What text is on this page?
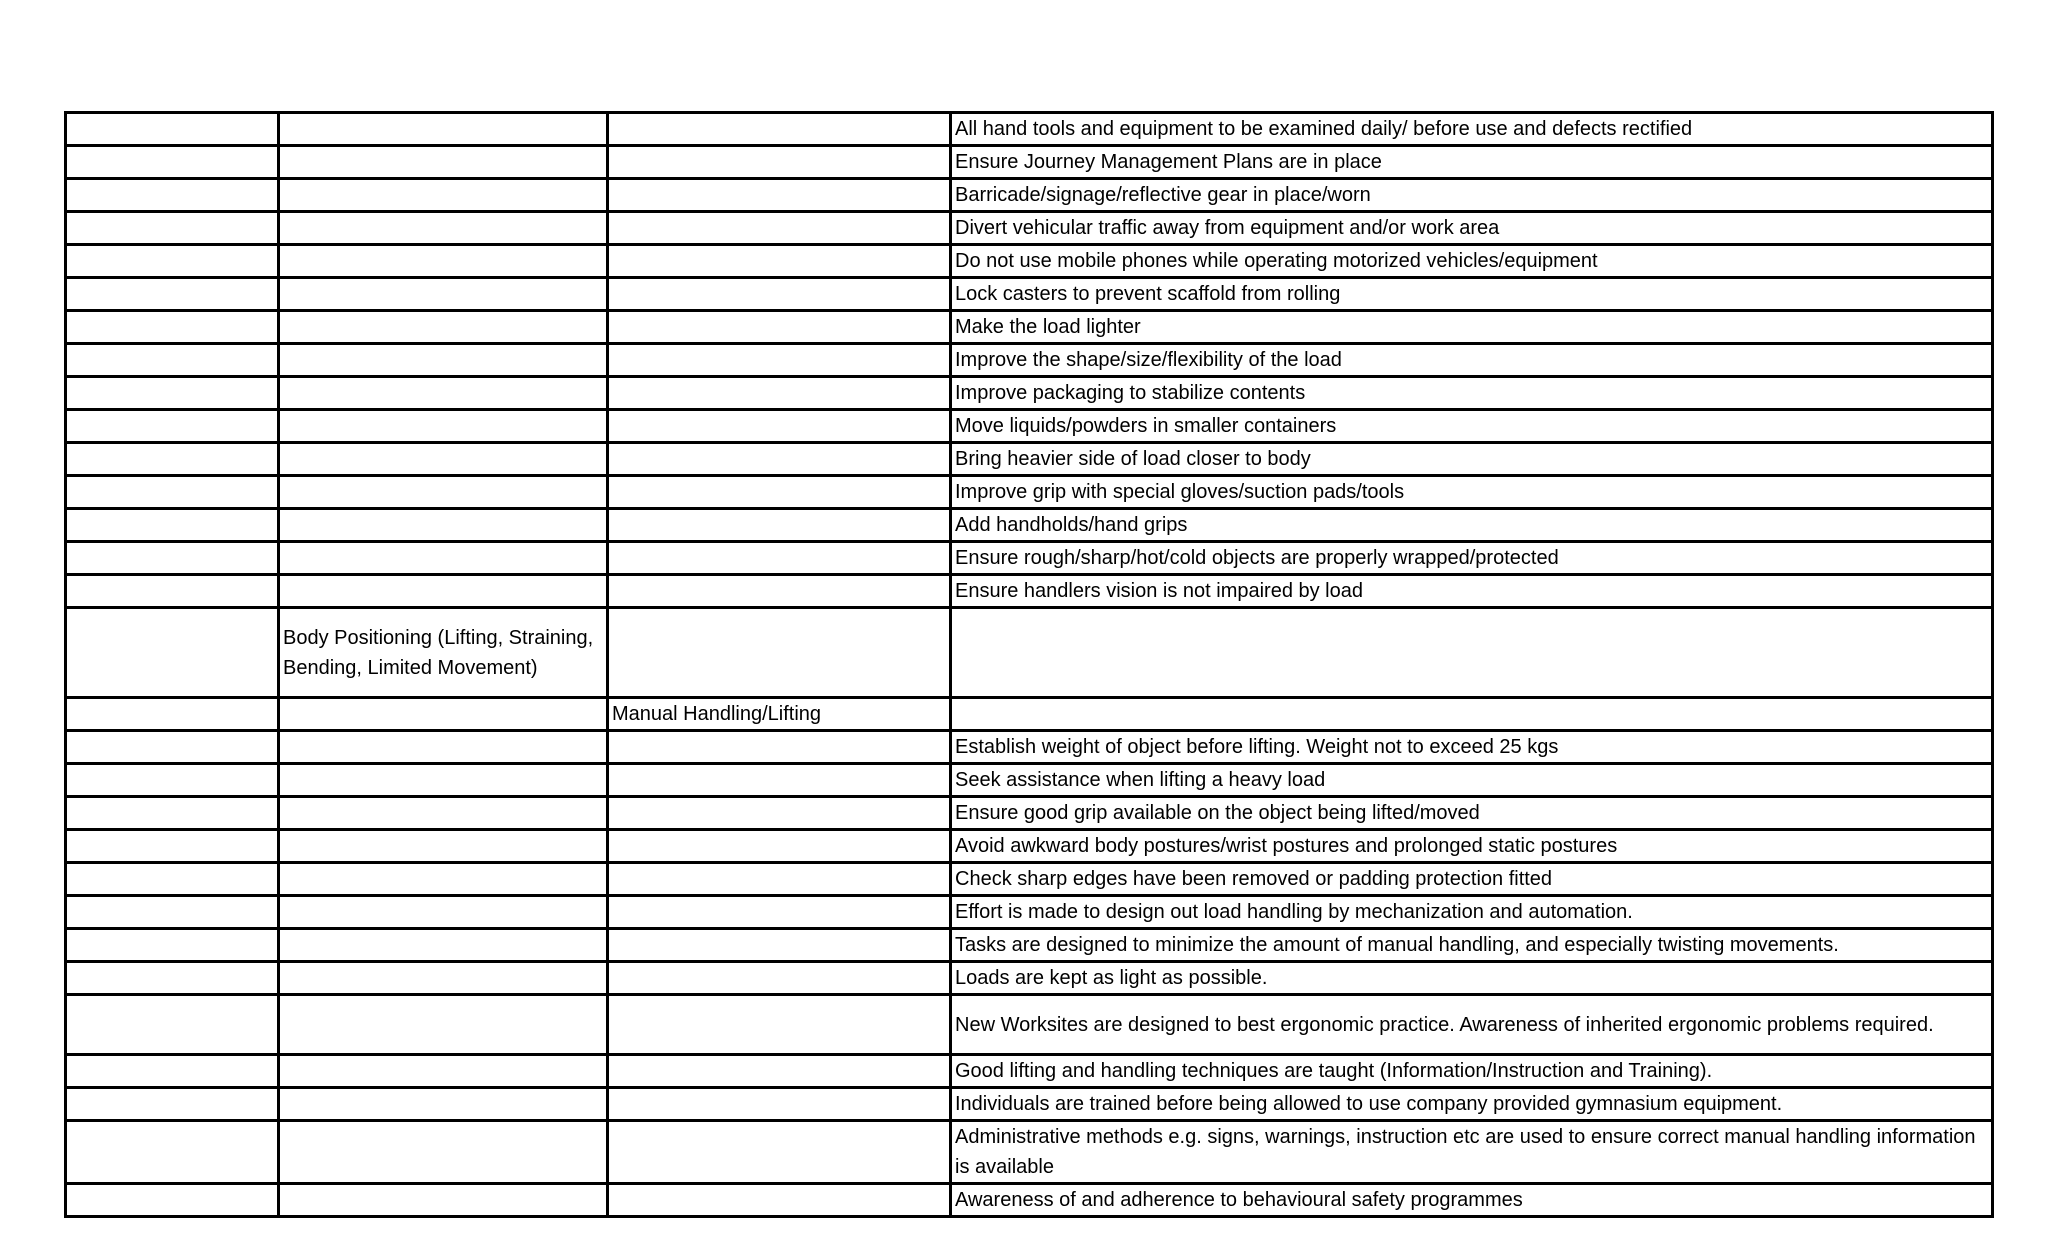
			All hand tools and equipment to be examined daily/ before use and defects rectified
			Ensure Journey Management Plans are in place
			Barricade/signage/reflective gear in place/worn
			Divert vehicular traffic away from equipment and/or work area
			Do not use mobile phones while operating motorized vehicles/equipment
			Lock casters to prevent scaffold from rolling
			Make the load lighter
			Improve the shape/size/flexibility of the load
			Improve packaging to stabilize contents
			Move liquids/powders in smaller containers
			Bring heavier side of load closer to body
			Improve grip with special gloves/suction pads/tools
			Add handholds/hand grips
			Ensure rough/sharp/hot/cold objects are properly wrapped/protected
			Ensure handlers vision is not impaired by load
	Body Positioning (Lifting, Straining, Bending, Limited Movement)		
		Manual Handling/Lifting	
			Establish weight of object before lifting. Weight not to exceed 25 kgs
			Seek assistance when lifting a heavy load
			Ensure good grip available on the object being lifted/moved
			Avoid awkward body postures/wrist postures and prolonged static postures
			Check sharp edges have been removed or padding protection fitted
			Effort is made to design out load handling by mechanization and automation.
			Tasks are designed to minimize the amount of manual handling, and especially twisting movements.
			Loads are kept as light as possible.
			New Worksites are designed to best ergonomic practice. Awareness of inherited ergonomic problems required.
			Good lifting and handling techniques are taught (Information/Instruction and Training).
			Individuals are trained before being allowed to use company provided gymnasium equipment.
			Administrative methods e.g. signs, warnings, instruction etc are used to ensure correct manual handling information is available
			Awareness of and adherence to behavioural safety programmes
